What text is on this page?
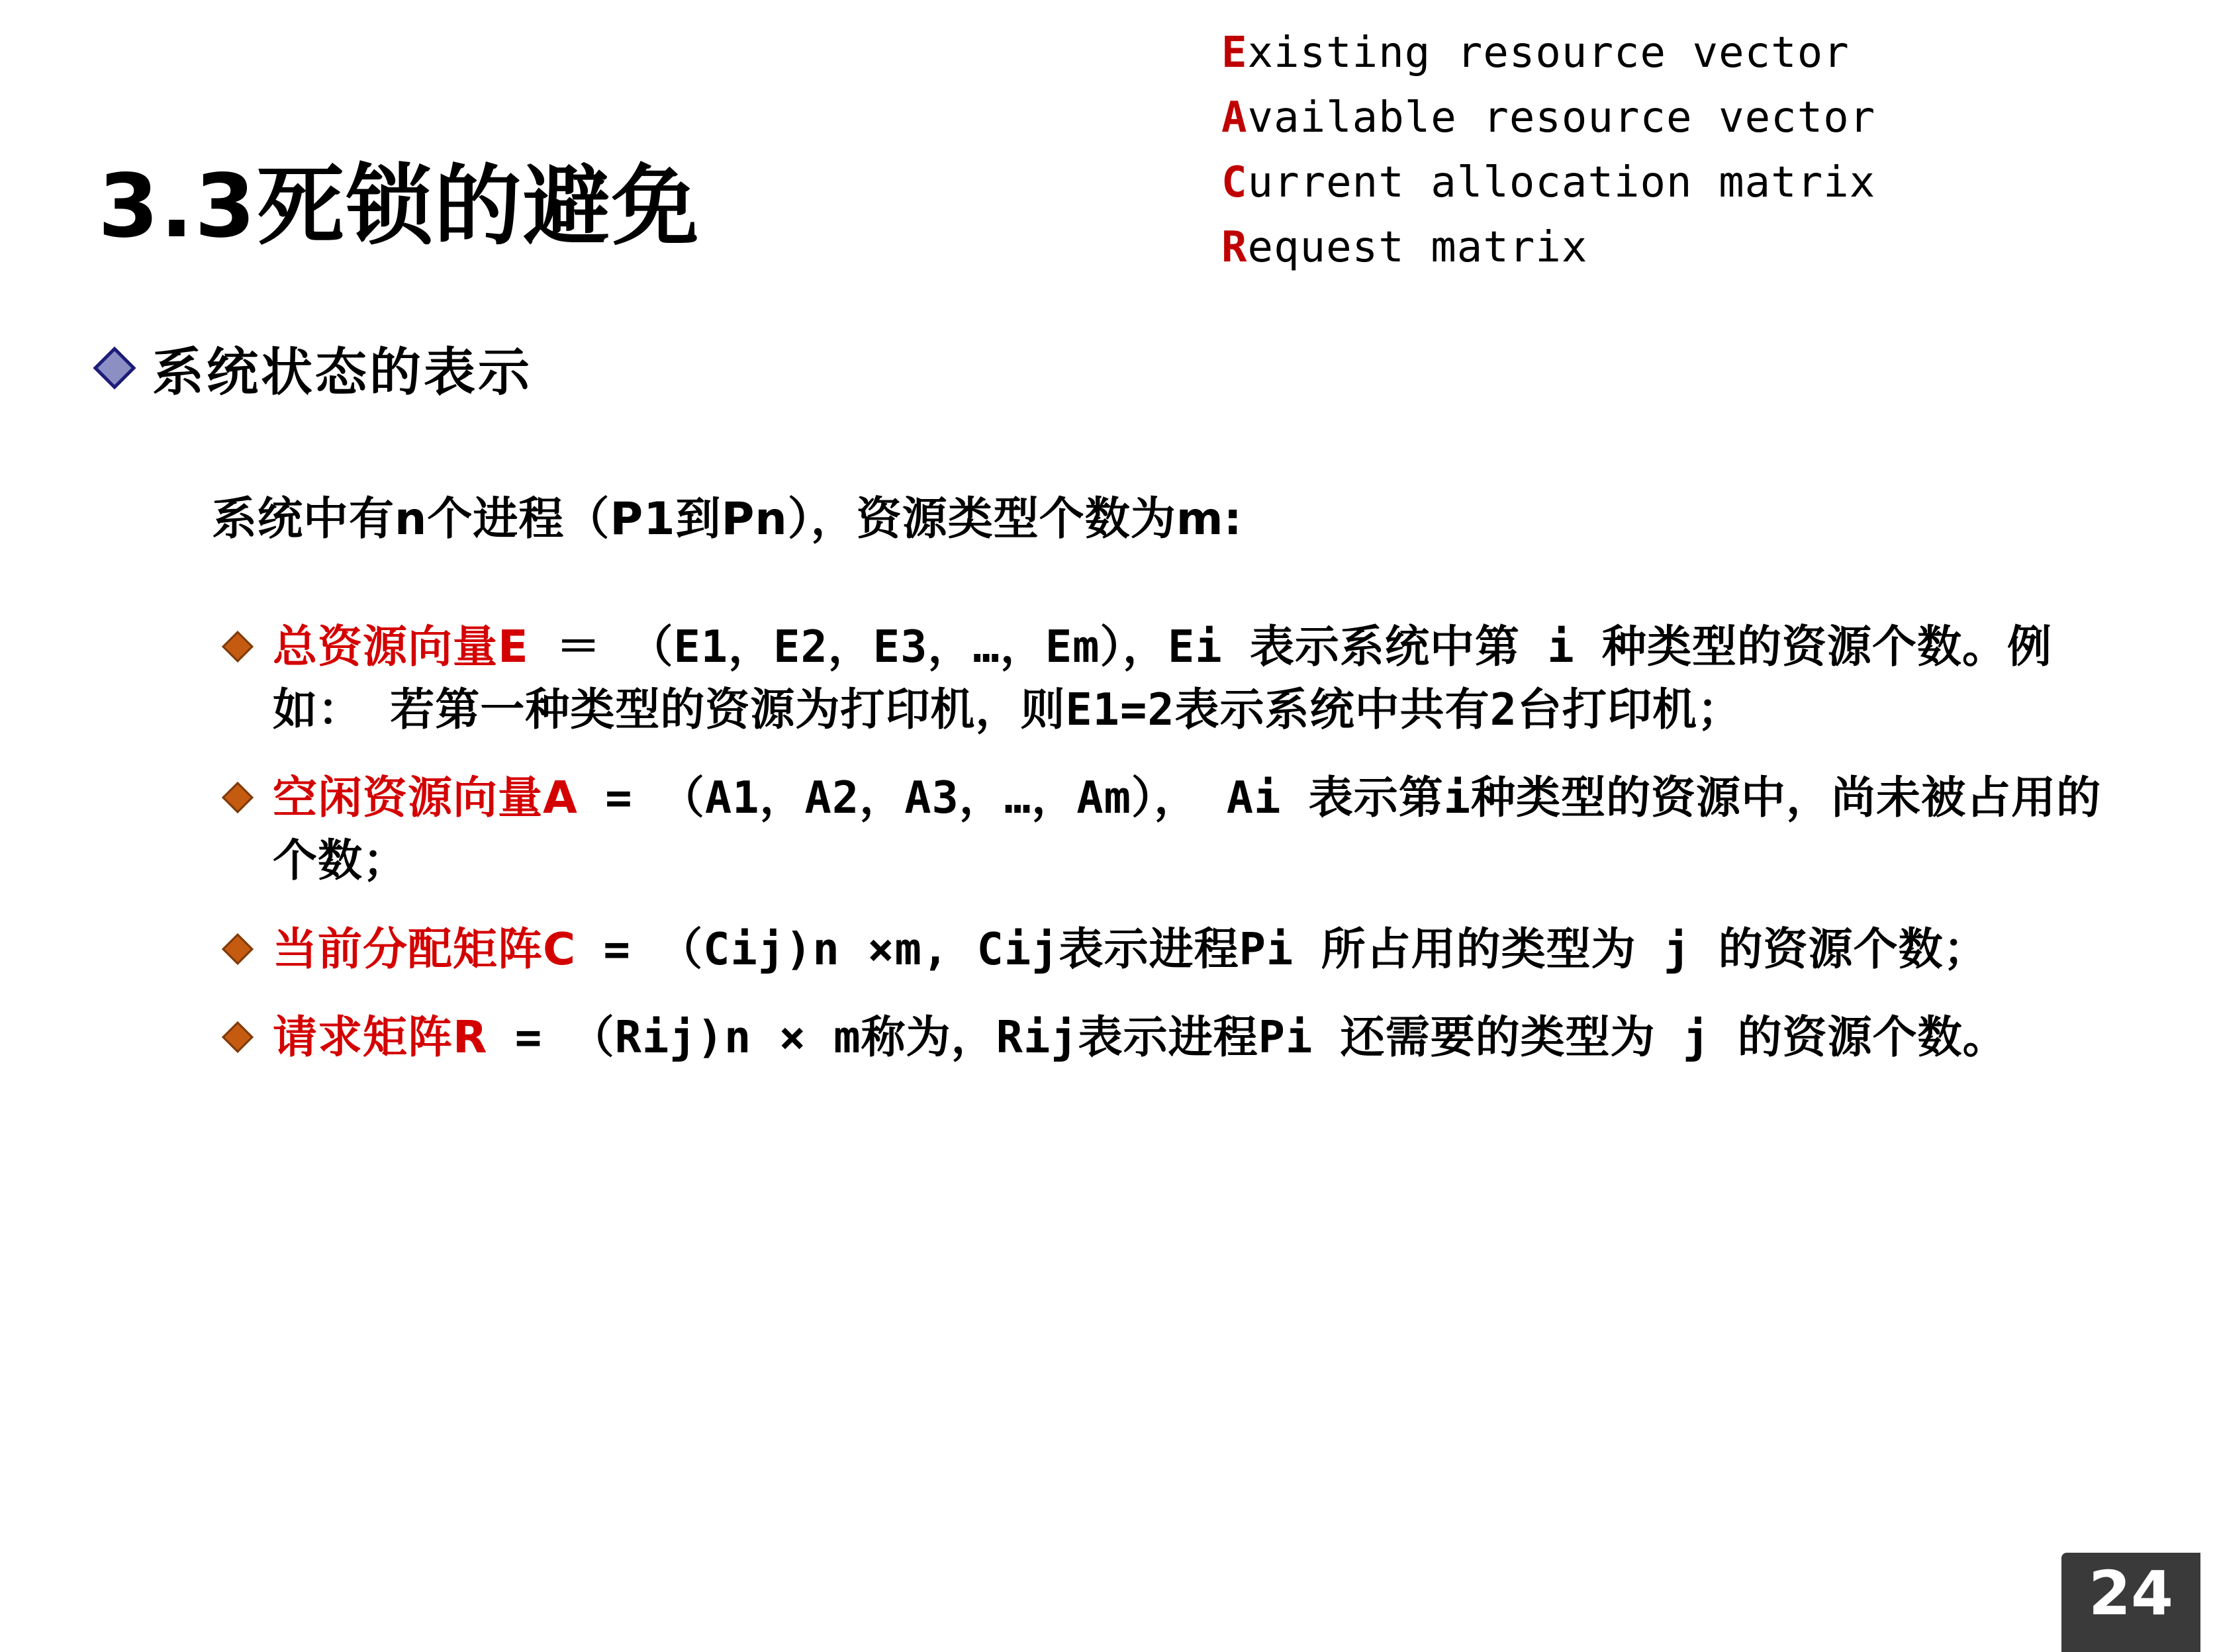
3.3死锁的避免
Existing resource vector
Available resource vector
Current allocation matrix
Request matrix
系统状态的表示
系统中有n个进程（P1到Pn），资源类型个数为m:

总资源向量E ＝ （E1，E2，E3，…，Em），Ei 表示系统中第 i 种类型的资源个数。例如： 若第一种类型的资源为打印机，则E1=2表示系统中共有2台打印机；

空闲资源向量A = （A1，A2，A3，…，Am）， Ai 表示第i种类型的资源中，尚未被占用的个数；

当前分配矩阵C = （Cij)n ×m, Cij表示进程Pi 所占用的类型为 j 的资源个数；

请求矩阵R = （Rij)n × m称为，Rij表示进程Pi 还需要的类型为 j 的资源个数。

24
